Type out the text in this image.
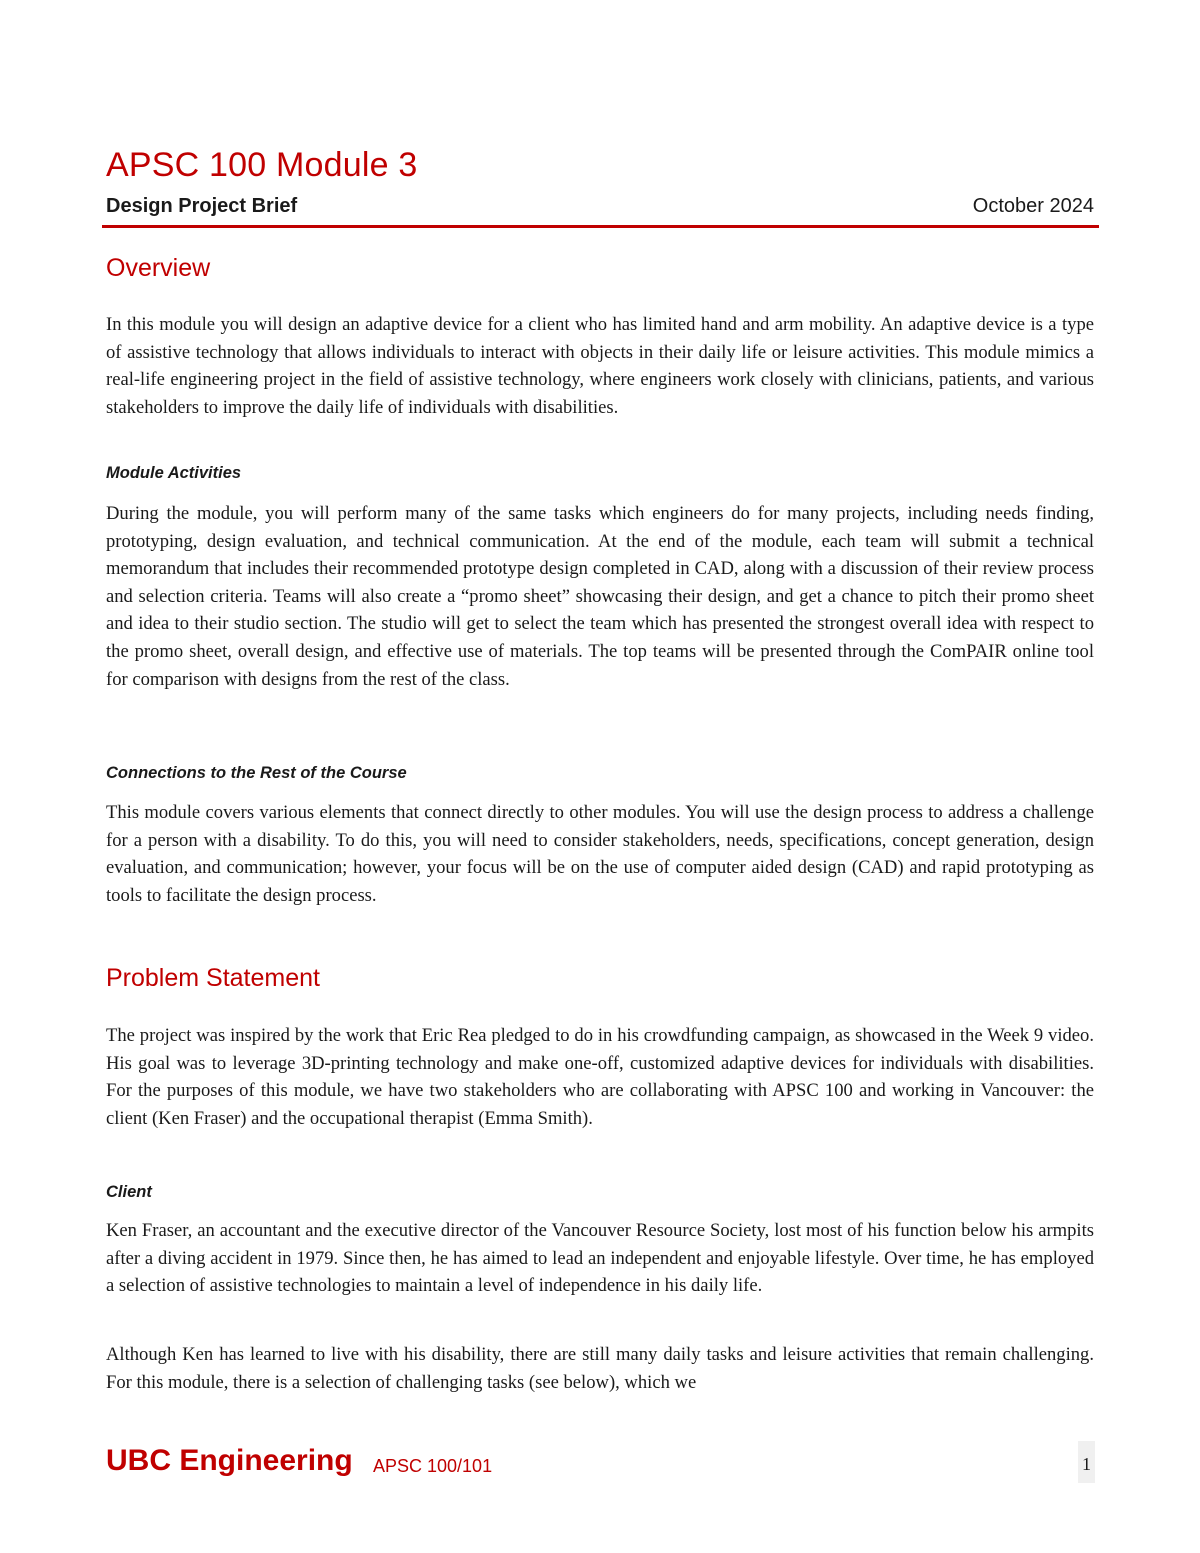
APSC 100 Module 3
Design Project Brief	October 2024
Overview

In this module you will design an adaptive device for a client who has limited hand and arm mobility. An adaptive device is a type of assistive technology that allows individuals to interact with objects in their daily life or leisure activities. This module mimics a real-life engineering project in the field of assistive technology, where engineers work closely with clinicians, patients, and various stakeholders to improve the daily life of individuals with disabilities.

Module Activities

During the module, you will perform many of the same tasks which engineers do for many projects, including needs finding, prototyping, design evaluation, and technical communication. At the end of the module, each team will submit a technical memorandum that includes their recommended prototype design completed in CAD, along with a discussion of their review process and selection criteria. Teams will also create a “promo sheet” showcasing their design, and get a chance to pitch their promo sheet and idea to their studio section. The studio will get to select the team which has presented the strongest overall idea with respect to the promo sheet, overall design, and effective use of materials. The top teams will be presented through the ComPAIR online tool for comparison with designs from the rest of the class.

Connections to the Rest of the Course

This module covers various elements that connect directly to other modules. You will use the design process to address a challenge for a person with a disability. To do this, you will need to consider stakeholders, needs, specifications, concept generation, design evaluation, and communication; however, your focus will be on the use of computer aided design (CAD) and rapid prototyping as tools to facilitate the design process.

Problem Statement

The project was inspired by the work that Eric Rea pledged to do in his crowdfunding campaign, as showcased in the Week 9 video. His goal was to leverage 3D-printing technology and make one-off, customized adaptive devices for individuals with disabilities. For the purposes of this module, we have two stakeholders who are collaborating with APSC 100 and working in Vancouver: the client (Ken Fraser) and the occupational therapist (Emma Smith).

Client

Ken Fraser, an accountant and the executive director of the Vancouver Resource Society, lost most of his function below his armpits after a diving accident in 1979. Since then, he has aimed to lead an independent and enjoyable lifestyle. Over time, he has employed a selection of assistive technologies to maintain a level of independence in his daily life.

Although Ken has learned to live with his disability, there are still many daily tasks and leisure activities that remain challenging. For this module, there is a selection of challenging tasks (see below), which we

UBC Engineering APSC 100/101	1
